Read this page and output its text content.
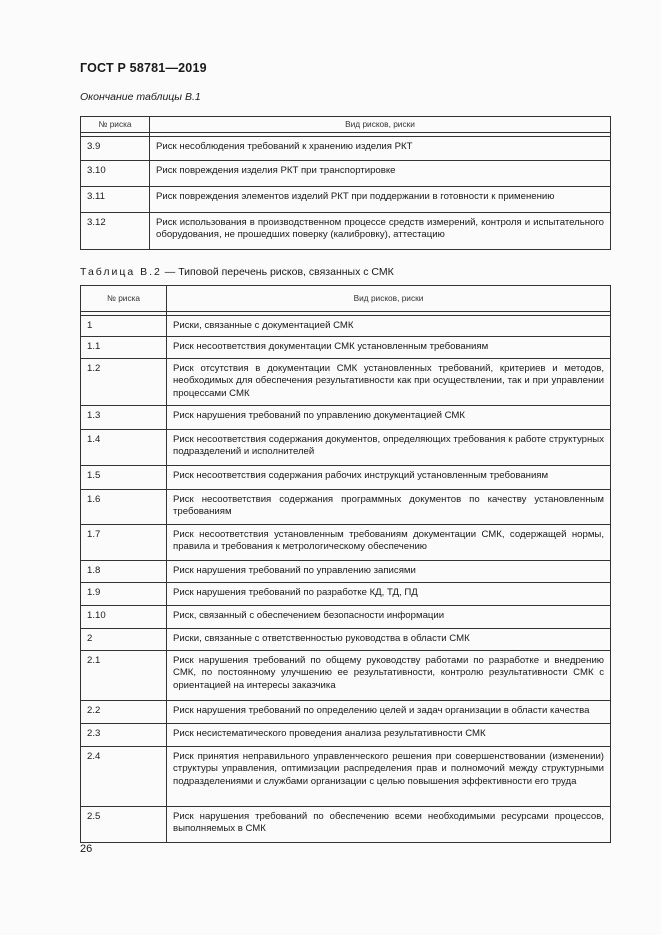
ГОСТ Р 58781—2019
Окончание таблицы В.1
№ риска	Вид рисков, риски

3.9	Риск несоблюдения требований к хранению изделия РКТ
3.10	Риск повреждения изделия РКТ при транспортировке
3.11	Риск повреждения элементов изделий РКТ при поддержании в готовности к применению
3.12	Риск использования в производственном процессе средств измерений, контроля и испытательного оборудования, не прошедших поверку (калибровку), аттестацию
Таблица В.2 — Типовой перечень рисков, связанных с СМК
№ риска	Вид рисков, риски

1	Риски, связанные с документацией СМК
1.1	Риск несоответствия документации СМК установленным требованиям
1.2	Риск отсутствия в документации СМК установленных требований, критериев и методов, необходимых для обеспечения результативности как при осуществлении, так и при управлении процессами СМК
1.3	Риск нарушения требований по управлению документацией СМК
1.4	Риск несоответствия содержания документов, определяющих требования к работе структурных подразделений и исполнителей
1.5	Риск несоответствия содержания рабочих инструкций установленным требованиям
1.6	Риск несоответствия содержания программных документов по качеству установленным требованиям
1.7	Риск несоответствия установленным требованиям документации СМК, содержащей нормы, правила и требования к метрологическому обеспечению
1.8	Риск нарушения требований по управлению записями
1.9	Риск нарушения требований по разработке КД, ТД, ПД
1.10	Риск, связанный с обеспечением безопасности информации
2	Риски, связанные с ответственностью руководства в области СМК
2.1	Риск нарушения требований по общему руководству работами по разработке и внедрению СМК, по постоянному улучшению ее результативности, контролю результативности СМК с ориентацией на интересы заказчика
2.2	Риск нарушения требований по определению целей и задач организации в области качества
2.3	Риск несистематического проведения анализа результативности СМК
2.4	Риск принятия неправильного управленческого решения при совершенствовании (изменении) структуры управления, оптимизации распределения прав и полномочий между структурными подразделениями и службами организации с целью повышения эффективности его труда
2.5	Риск нарушения требований по обеспечению всеми необходимыми ресурсами процессов, выполняемых в СМК
26
